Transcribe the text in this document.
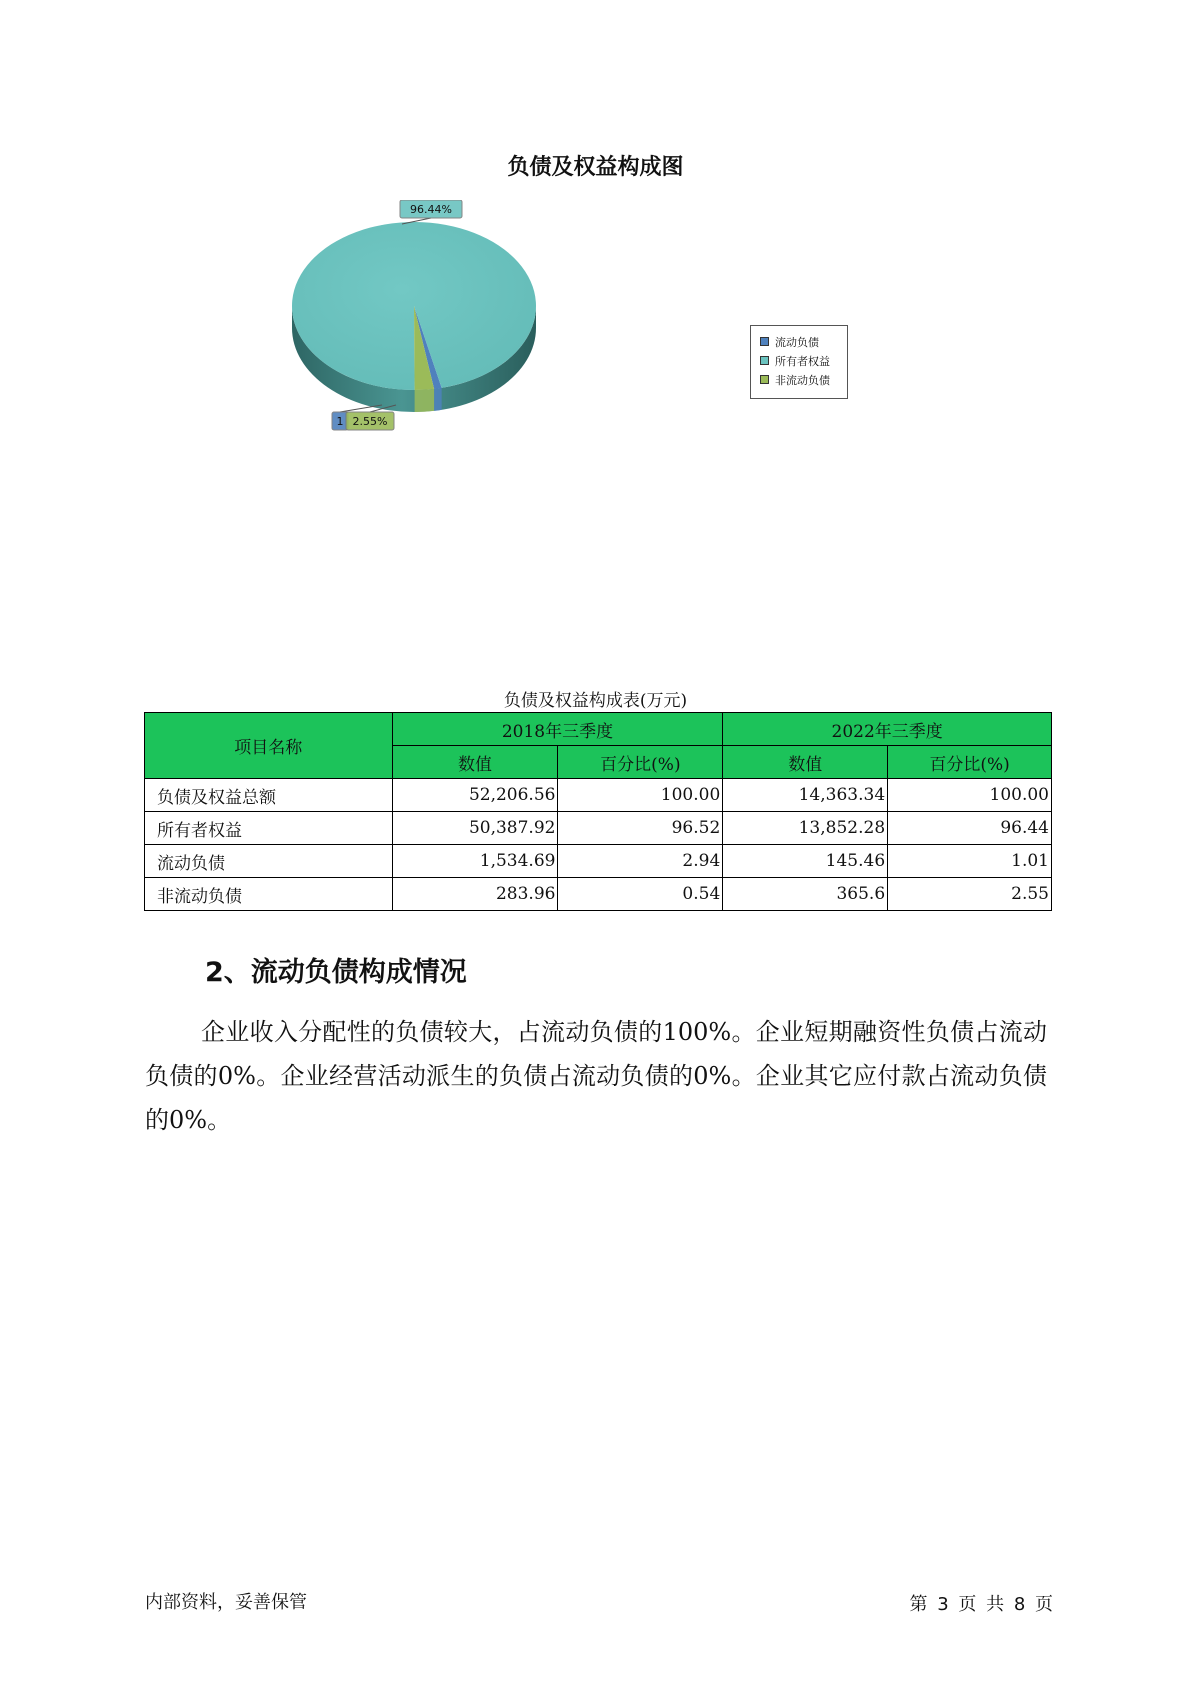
负债及权益构成图
96.44%
1 2.55%
流动负债
所有者权益
非流动负债
负债及权益构成表(万元)
项目名称	2018年三季度		2022年三季度	
	数值	百分比(%)	数值	百分比(%)
负债及权益总额	52,206.56	100.00	14,363.34	100.00
所有者权益	50,387.92	96.52	13,852.28	96.44
流动负债	1,534.69	2.94	145.46	1.01
非流动负债	283.96	0.54	365.6	2.55
2、流动负债构成情况

企业收入分配性的负债较大，占流动负债的100%。企业短期融资性负债占流动负债的0%。企业经营活动派生的负债占流动负债的0%。企业其它应付款占流动负债的0%。

内部资料，妥善保管	第 3 页 共 8 页
